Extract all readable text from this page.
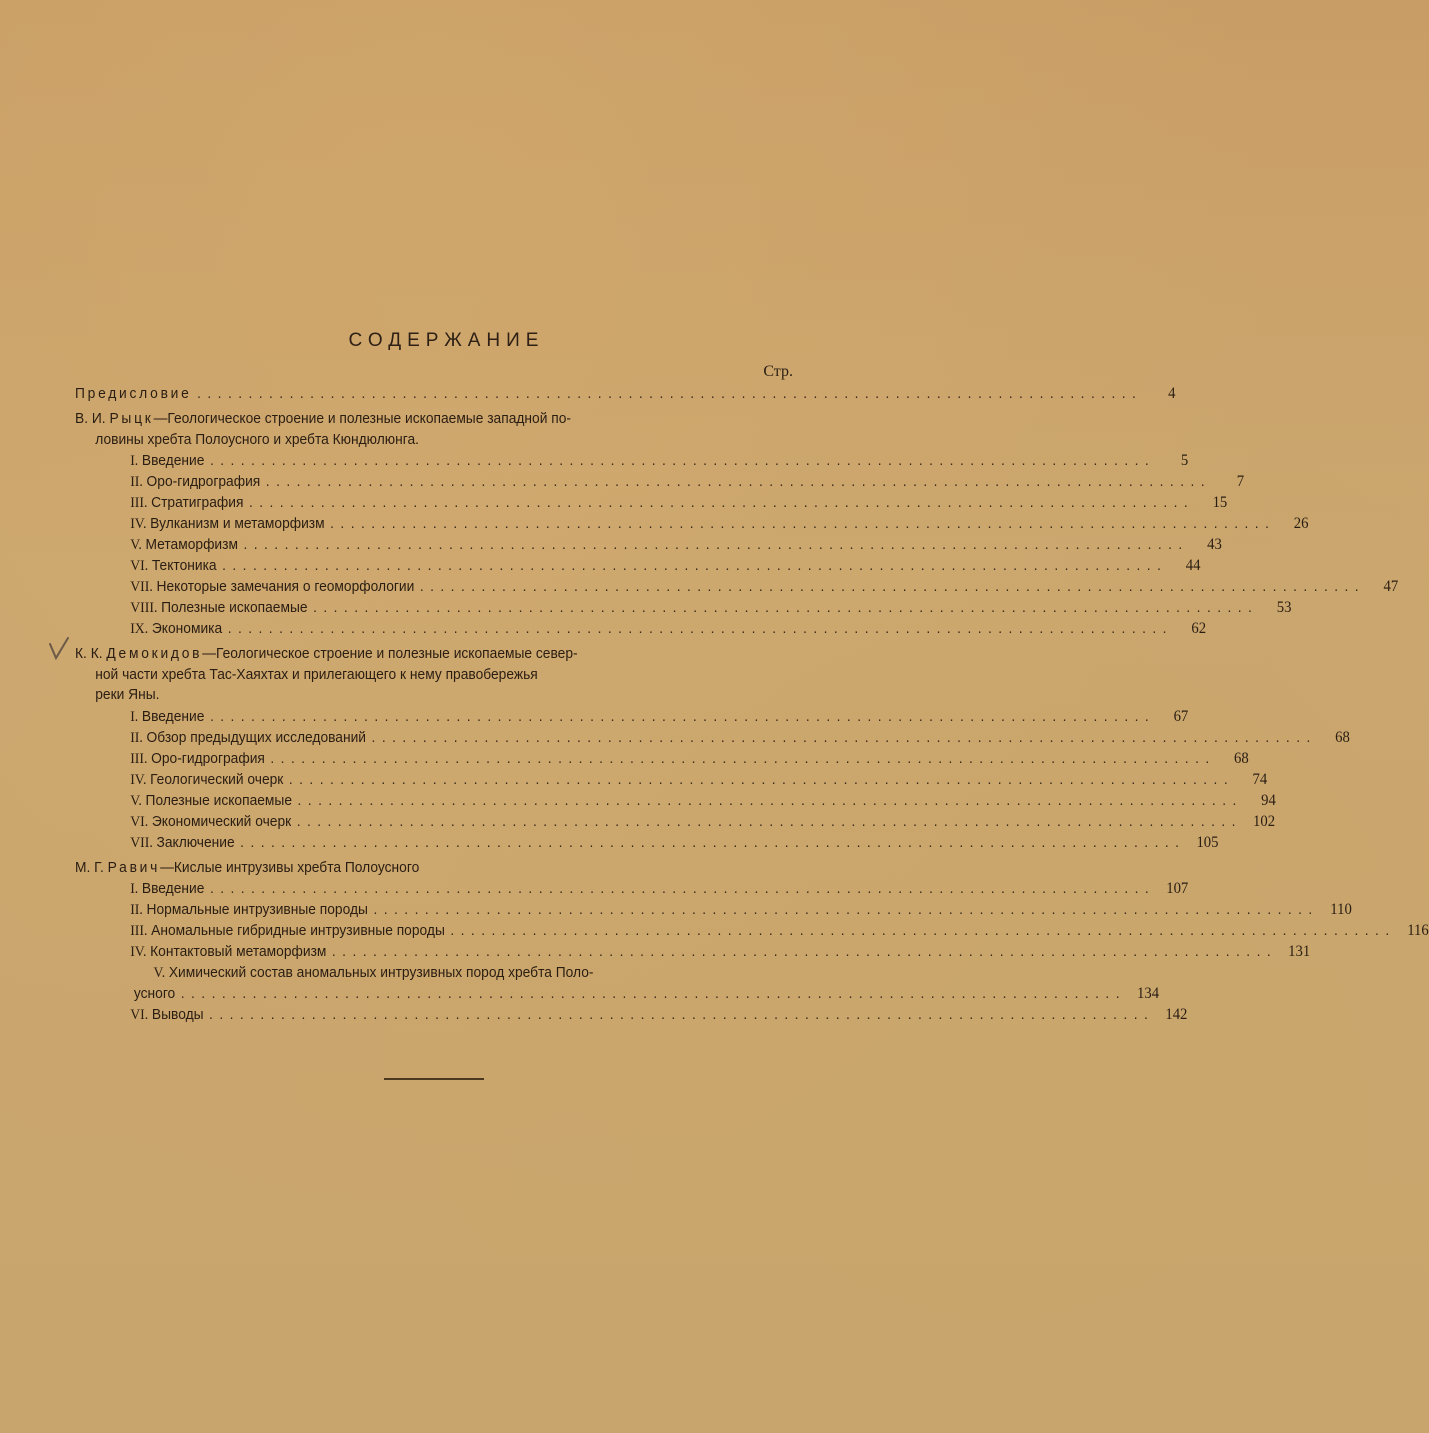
СОДЕРЖАНИЕ
Стр.
Предисловие ............................................................................................	4
В. И. Рыцк—Геологическое строение и полезные ископаемые западной по-
ловины хребта Полоусного и хребта Кюндюлюнга.
I. Введение ............................................................................................	5
II. Оро-гидрография ............................................................................................	7
III. Стратиграфия ............................................................................................	15
IV. Вулканизм и метаморфизм ............................................................................................	26
V. Метаморфизм ............................................................................................	43
VI. Тектоника ............................................................................................	44
VII. Некоторые замечания о геоморфологии ............................................................................................	47
VIII. Полезные ископаемые ............................................................................................	53
IX. Экономика ............................................................................................	62
К. К. Демокидов—Геологическое строение и полезные ископаемые север-
ной части хребта Тас-Хаяхтах и прилегающего к нему правобережья
реки Яны.
I. Введение ............................................................................................	67
II. Обзор предыдущих исследований ............................................................................................	68
III. Оро-гидрография ............................................................................................	68
IV. Геологический очерк ............................................................................................	74
V. Полезные ископаемые ............................................................................................	94
VI. Экономический очерк ............................................................................................ 102
VII. Заключение ............................................................................................ 105
М. Г. Равич—Кислые интрузивы хребта Полоусного
I. Введение ............................................................................................ 107
II. Нормальные интрузивные породы ............................................................................................ 110
III. Аномальные гибридные интрузивные породы ............................................................................................ 116
IV. Контактовый метаморфизм ............................................................................................ 131
V. Химический состав аномальных интрузивных пород хребта Поло-
усного ............................................................................................ 134
VI. Выводы ............................................................................................ 142
